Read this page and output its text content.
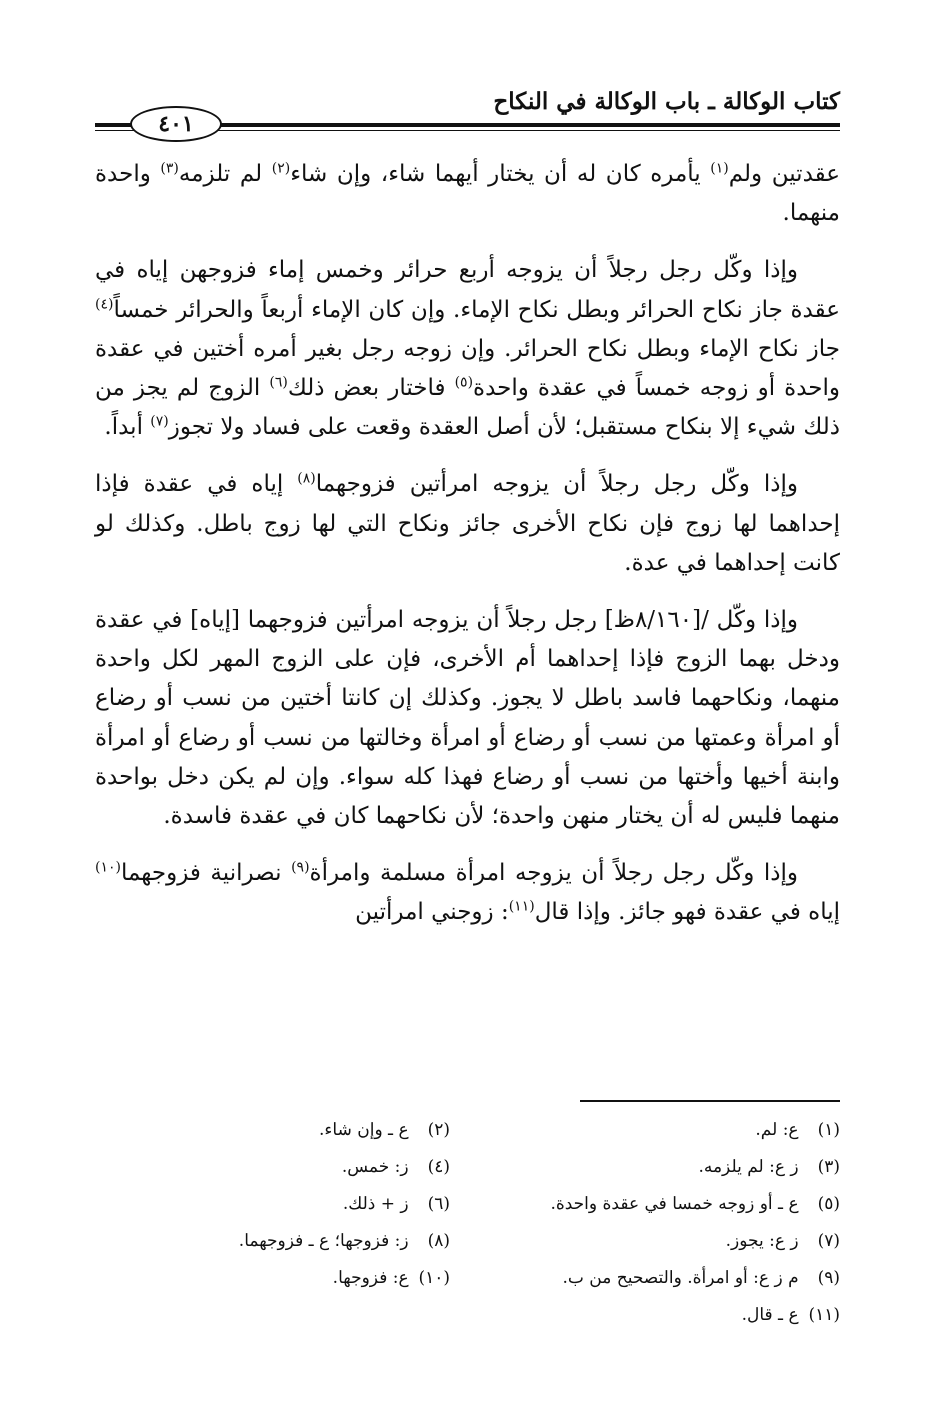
كتاب الوكالة ـ باب الوكالة في النكاح
٤٠١

عقدتين ولم$^{(١)}$ يأمره كان له أن يختار أيهما شاء، وإن شاء$^{(٢)}$ لم تلزمه$^{(٣)}$ واحدة منهما.

وإذا وكّل رجل رجلاً أن يزوجه أربع حرائر وخمس إماء فزوجهن إياه في عقدة جاز نكاح الحرائر وبطل نكاح الإماء. وإن كان الإماء أربعاً والحرائر خمساً$^{(٤)}$ جاز نكاح الإماء وبطل نكاح الحرائر. وإن زوجه رجل بغير أمره أختين في عقدة واحدة أو زوجه خمساً في عقدة واحدة$^{(٥)}$ فاختار بعض ذلك$^{(٦)}$ الزوج لم يجز من ذلك شيء إلا بنكاح مستقبل؛ لأن أصل العقدة وقعت على فساد ولا تجوز$^{(٧)}$ أبداً.

وإذا وكّل رجل رجلاً أن يزوجه امرأتين فزوجهما$^{(٨)}$ إياه في عقدة فإذا إحداهما لها زوج فإن نكاح الأخرى جائز ونكاح التي لها زوج باطل. وكذلك لو كانت إحداهما في عدة.

وإذا وكّل /[٨/١٦٠ظ] رجل رجلاً أن يزوجه امرأتين فزوجهما [إياه] في عقدة ودخل بهما الزوج فإذا إحداهما أم الأخرى، فإن على الزوج المهر لكل واحدة منهما، ونكاحهما فاسد باطل لا يجوز. وكذلك إن كانتا أختين من نسب أو رضاع أو امرأة وعمتها من نسب أو رضاع أو امرأة وخالتها من نسب أو رضاع أو امرأة وابنة أخيها وأختها من نسب أو رضاع فهذا كله سواء. وإن لم يكن دخل بواحدة منهما فليس له أن يختار منهن واحدة؛ لأن نكاحهما كان في عقدة فاسدة.

وإذا وكّل رجل رجلاً أن يزوجه امرأة مسلمة وامرأة$^{(٩)}$ نصرانية فزوجهما$^{(١٠)}$ إياه في عقدة فهو جائز. وإذا قال$^{(١١)}$: زوجني امرأتين

(١) ع: لم.
(٢) ع ـ وإن شاء.
(٣) ز ع: لم يلزمه.
(٤) ز: خمس.
(٥) ع ـ أو زوجه خمسا في عقدة واحدة.
(٦) ز + ذلك.
(٧) ز ع: يجوز.
(٨) ز: فزوجها؛ ع ـ فزوجهما.
(٩) م ز ع: أو امرأة. والتصحيح من ب.
(١٠) ع: فزوجها.
(١١) ع ـ قال.
